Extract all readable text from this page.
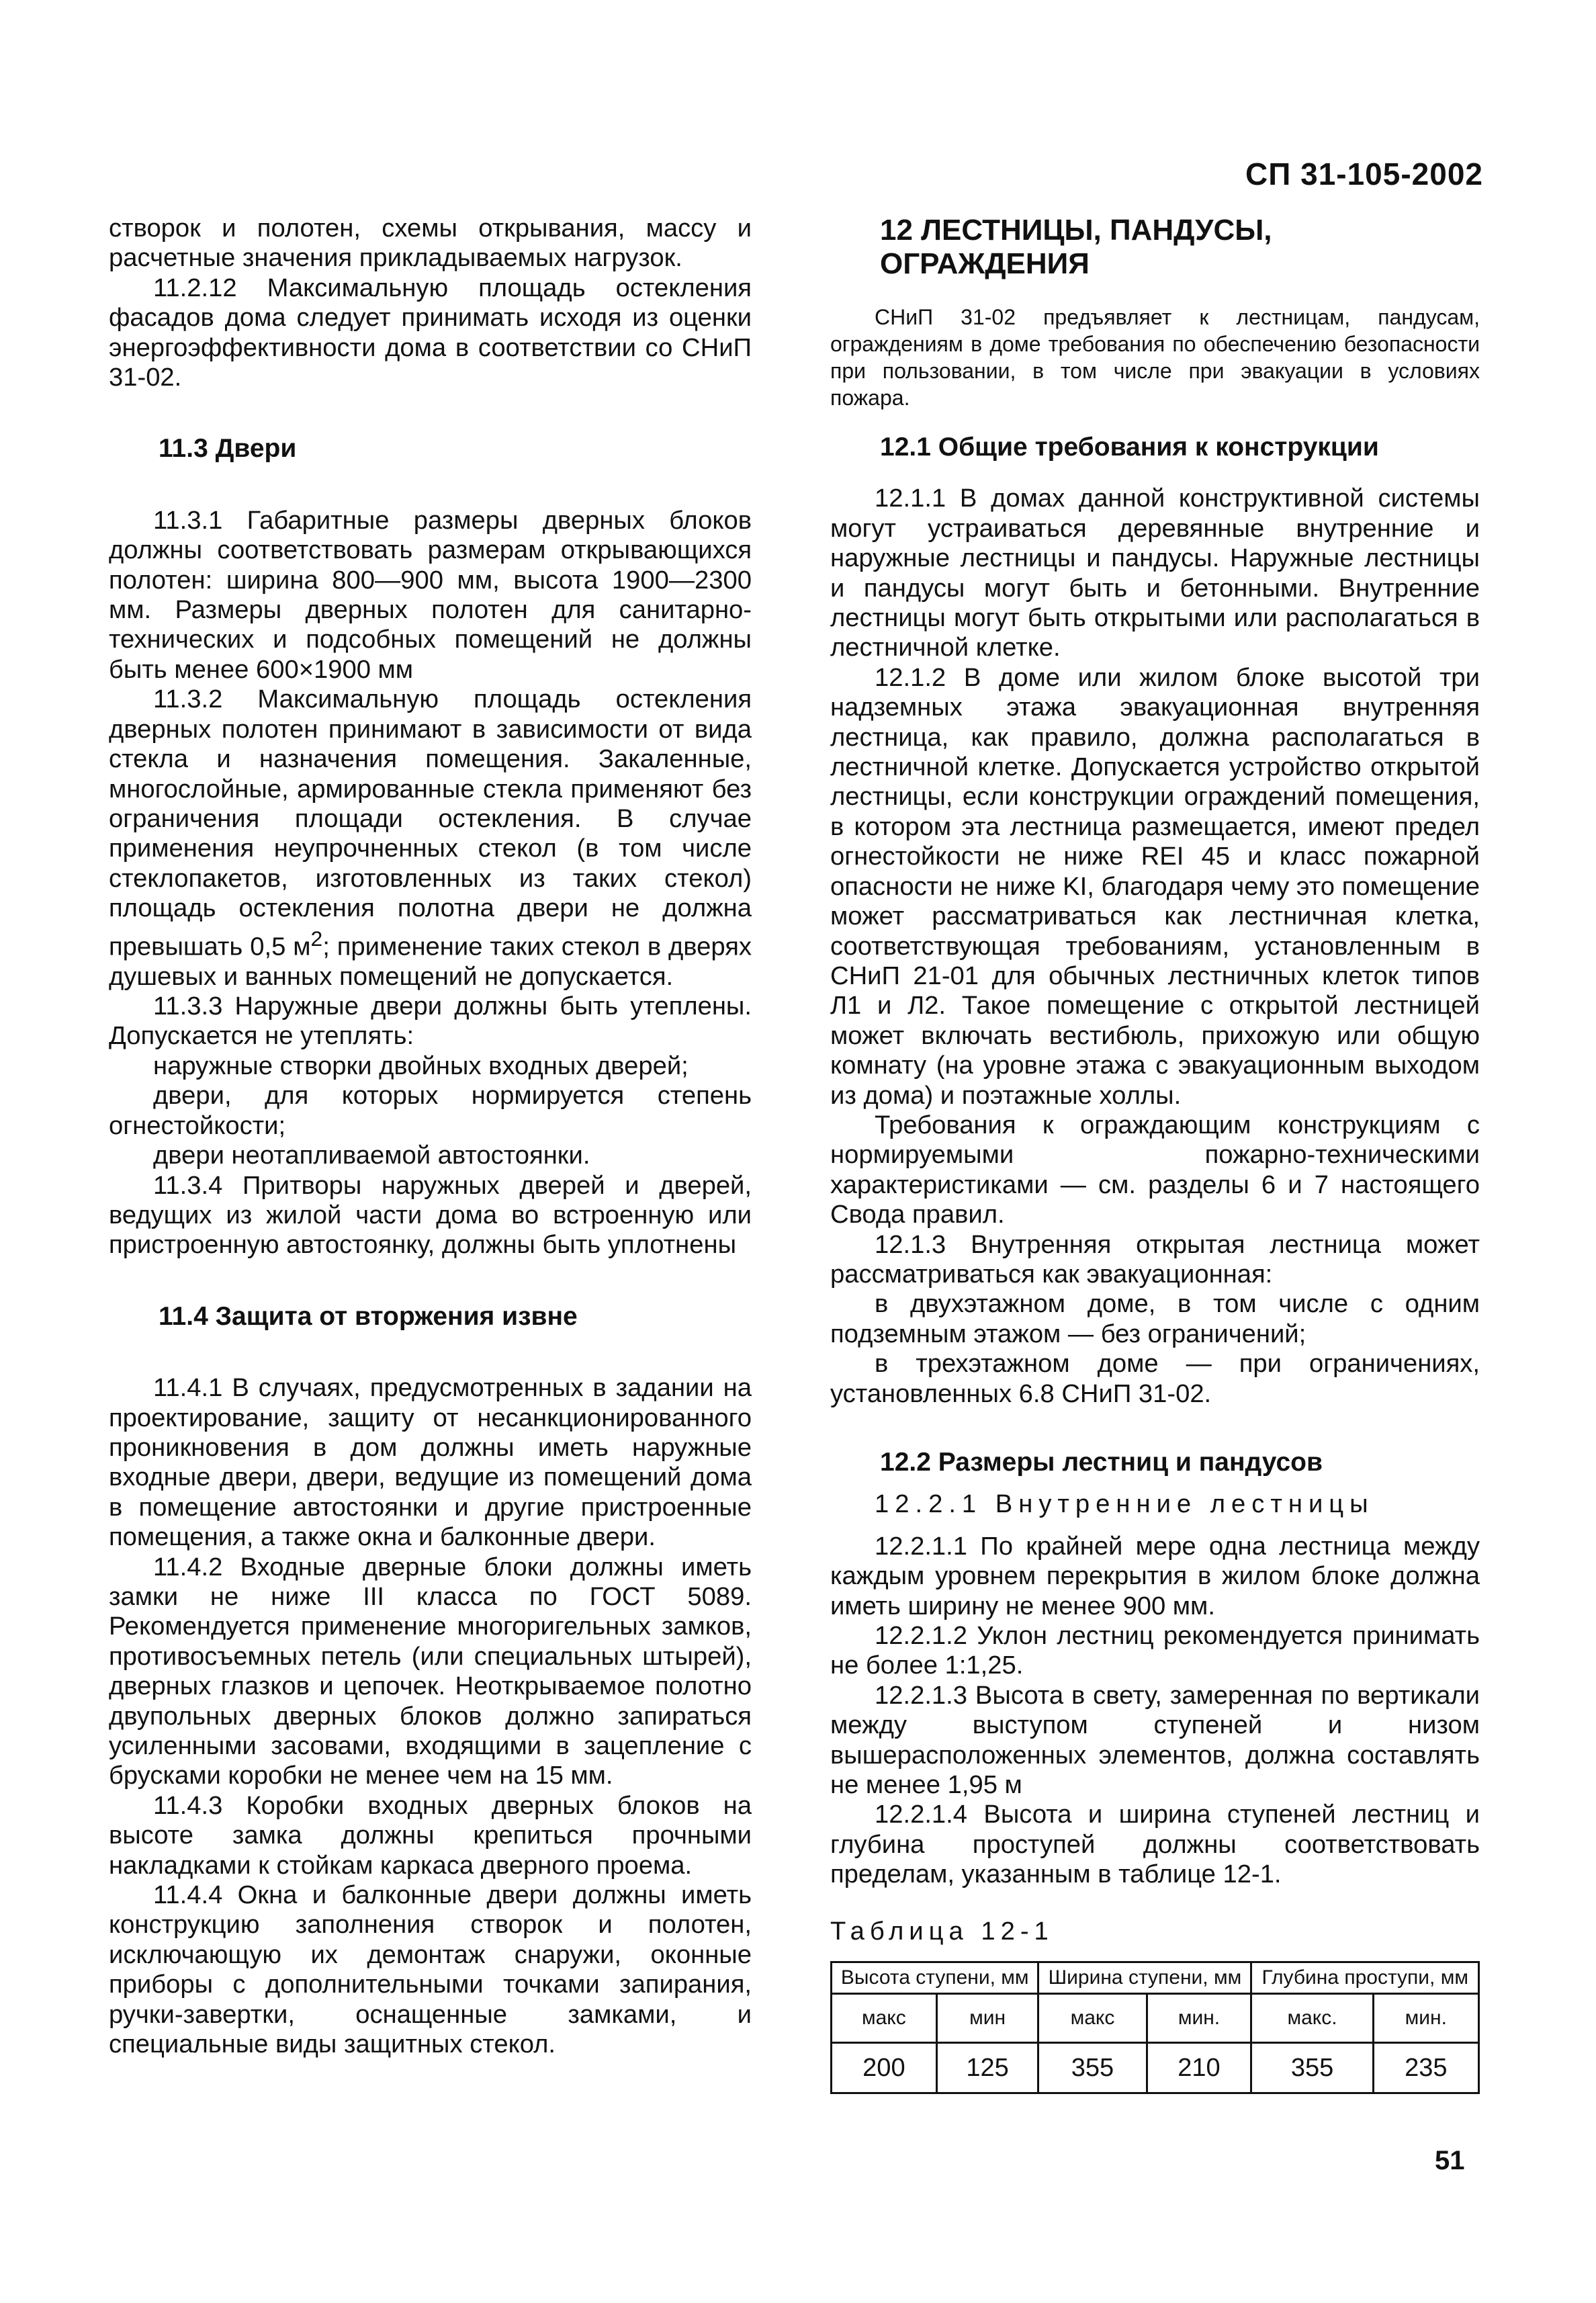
СП 31-105-2002

створок и полотен, схемы открывания, массу и расчетные значения прикладываемых нагрузок.

11.2.12 Максимальную площадь остекления фасадов дома следует принимать исходя из оценки энергоэффективности дома в соответствии со СНиП 31-02.

11.3 Двери

11.3.1 Габаритные размеры дверных блоков должны соответствовать размерам открывающихся полотен: ширина 800—900 мм, высота 1900—2300 мм. Размеры дверных полотен для санитарно-технических и подсобных помещений не должны быть менее 600×1900 мм

11.3.2 Максимальную площадь остекления дверных полотен принимают в зависимости от вида стекла и назначения помещения. Закаленные, многослойные, армированные стекла применяют без ограничения площади остекления. В случае применения неупрочненных стекол (в том числе стеклопакетов, изготовленных из таких стекол) площадь остекления полотна двери не должна превышать 0,5 $м^2$; применение таких стекол в дверях душевых и ванных помещений не допускается.

11.3.3 Наружные двери должны быть утеплены. Допускается не утеплять:

наружные створки двойных входных дверей;

двери, для которых нормируется степень огнестойкости;

двери неотапливаемой автостоянки.

11.3.4 Притворы наружных дверей и дверей, ведущих из жилой части дома во встроенную или пристроенную автостоянку, должны быть уплотнены

11.4 Защита от вторжения извне

11.4.1 В случаях, предусмотренных в задании на проектирование, защиту от несанкционированного проникновения в дом должны иметь наружные входные двери, двери, ведущие из помещений дома в помещение автостоянки и другие пристроенные помещения, а также окна и балконные двери.

11.4.2 Входные дверные блоки должны иметь замки не ниже III класса по ГОСТ 5089. Рекомендуется применение многоригельных замков, противосъемных петель (или специальных штырей), дверных глазков и цепочек. Неоткрываемое полотно двупольных дверных блоков должно запираться усиленными засовами, входящими в зацепление с брусками коробки не менее чем на 15 мм.

11.4.3 Коробки входных дверных блоков на высоте замка должны крепиться прочными накладками к стойкам каркаса дверного проема.

11.4.4 Окна и балконные двери должны иметь конструкцию заполнения створок и полотен, исключающую их демонтаж снаружи, оконные приборы с дополнительными точками запирания, ручки-завертки, оснащенные замками, и специальные виды защитных стекол.

12 ЛЕСТНИЦЫ, ПАНДУСЫ, ОГРАЖДЕНИЯ

СНиП 31-02 предъявляет к лестницам, пандусам, ограждениям в доме требования по обеспечению безопасности при пользовании, в том числе при эвакуации в условиях пожара.

12.1 Общие требования к конструкции

12.1.1 В домах данной конструктивной системы могут устраиваться деревянные внутренние и наружные лестницы и пандусы. Наружные лестницы и пандусы могут быть и бетонными. Внутренние лестницы могут быть открытыми или располагаться в лестничной клетке.

12.1.2 В доме или жилом блоке высотой три надземных этажа эвакуационная внутренняя лестница, как правило, должна располагаться в лестничной клетке. Допускается устройство открытой лестницы, если конструкции ограждений помещения, в котором эта лестница размещается, имеют предел огнестойкости не ниже REI 45 и класс пожарной опасности не ниже KI, благодаря чему это помещение может рассматриваться как лестничная клетка, соответствующая требованиям, установленным в СНиП 21-01 для обычных лестничных клеток типов Л1 и Л2. Такое помещение с открытой лестницей может включать вестибюль, прихожую или общую комнату (на уровне этажа с эвакуационным выходом из дома) и поэтажные холлы.

Требования к ограждающим конструкциям с нормируемыми пожарно-техническими характеристиками — см. разделы 6 и 7 настоящего Свода правил.

12.1.3 Внутренняя открытая лестница может рассматриваться как эвакуационная:

в двухэтажном доме, в том числе с одним подземным этажом — без ограничений;

в трехэтажном доме — при ограничениях, установленных 6.8 СНиП 31-02.

12.2 Размеры лестниц и пандусов

12.2.1 Внутренние лестницы

12.2.1.1 По крайней мере одна лестница между каждым уровнем перекрытия в жилом блоке должна иметь ширину не менее 900 мм.

12.2.1.2 Уклон лестниц рекомендуется принимать не более 1:1,25.

12.2.1.3 Высота в свету, замеренная по вертикали между выступом ступеней и низом вышерасположенных элементов, должна составлять не менее 1,95 м

12.2.1.4 Высота и ширина ступеней лестниц и глубина проступей должны соответствовать пределам, указанным в таблице 12-1.

Таблица 12-1

Высота ступени, мм		Ширина ступени, мм		Глубина проступи, мм	
макс	мин	макс	мин.	макс.	мин.
200	125	355	210	355	235
51
